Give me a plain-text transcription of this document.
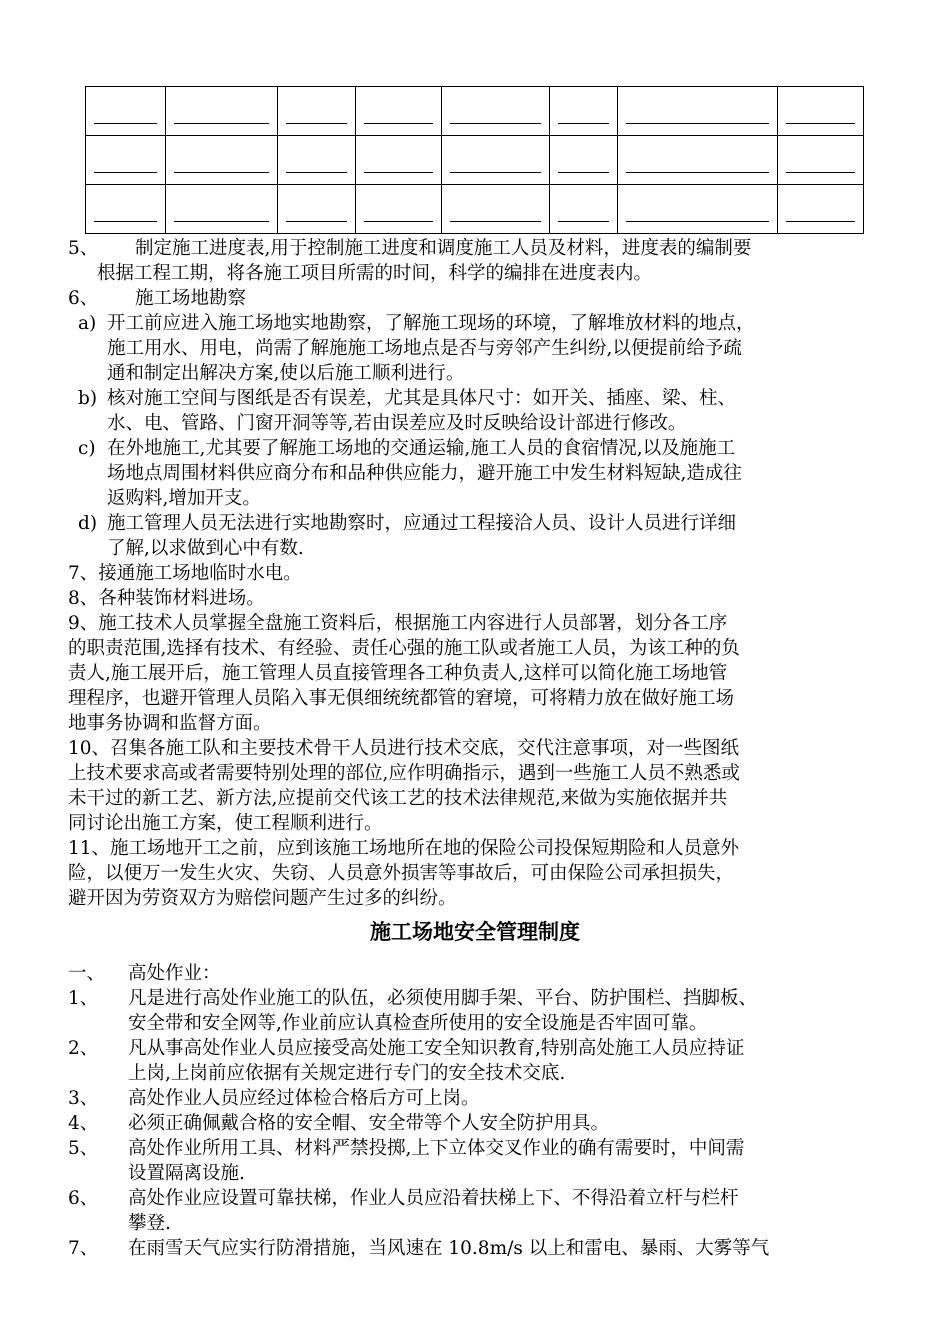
5、 制定施工进度表,用于控制施工进度和调度施工人员及材料，进度表的编制要
根据工程工期，将各施工项目所需的时间，科学的编排在进度表内。
6、 施工场地勘察
a) 开工前应进入施工场地实地勘察，了解施工现场的环境，了解堆放材料的地点，
施工用水、用电，尚需了解施施工场地点是否与旁邻产生纠纷,以便提前给予疏
通和制定出解决方案,使以后施工顺利进行。
b) 核对施工空间与图纸是否有误差，尤其是具体尺寸：如开关、插座、梁、柱、
水、电、管路、门窗开洞等等,若由误差应及时反映给设计部进行修改。
c) 在外地施工,尤其要了解施工场地的交通运输,施工人员的食宿情况,以及施施工
场地点周围材料供应商分布和品种供应能力，避开施工中发生材料短缺,造成往
返购料,增加开支。
d) 施工管理人员无法进行实地勘察时，应通过工程接洽人员、设计人员进行详细
了解,以求做到心中有数.
7、接通施工场地临时水电。
8、各种装饰材料进场。
9、施工技术人员掌握全盘施工资料后，根据施工内容进行人员部署，划分各工序
的职责范围,选择有技术、有经验、责任心强的施工队或者施工人员，为该工种的负
责人,施工展开后，施工管理人员直接管理各工种负责人,这样可以简化施工场地管
理程序，也避开管理人员陷入事无俱细统统都管的窘境，可将精力放在做好施工场
地事务协调和监督方面。
10、召集各施工队和主要技术骨干人员进行技术交底，交代注意事项，对一些图纸
上技术要求高或者需要特别处理的部位,应作明确指示，遇到一些施工人员不熟悉或
未干过的新工艺、新方法,应提前交代该工艺的技术法律规范,来做为实施依据并共
同讨论出施工方案，使工程顺利进行。
11、施工场地开工之前，应到该施工场地所在地的保险公司投保短期险和人员意外
险，以便万一发生火灾、失窃、人员意外损害等事故后，可由保险公司承担损失，
避开因为劳资双方为赔偿问题产生过多的纠纷。
施工场地安全管理制度
一、 高处作业：
1、 凡是进行高处作业施工的队伍，必须使用脚手架、平台、防护围栏、挡脚板、
安全带和安全网等,作业前应认真检查所使用的安全设施是否牢固可靠。
2、 凡从事高处作业人员应接受高处施工安全知识教育,特别高处施工人员应持证
上岗,上岗前应依据有关规定进行专门的安全技术交底.
3、 高处作业人员应经过体检合格后方可上岗。
4、 必须正确佩戴合格的安全帽、安全带等个人安全防护用具。
5、 高处作业所用工具、材料严禁投掷,上下立体交叉作业的确有需要时，中间需
设置隔离设施.
6、 高处作业应设置可靠扶梯，作业人员应沿着扶梯上下、不得沿着立杆与栏杆
攀登.
7、 在雨雪天气应实行防滑措施，当风速在 10.8m/s 以上和雷电、暴雨、大雾等气
